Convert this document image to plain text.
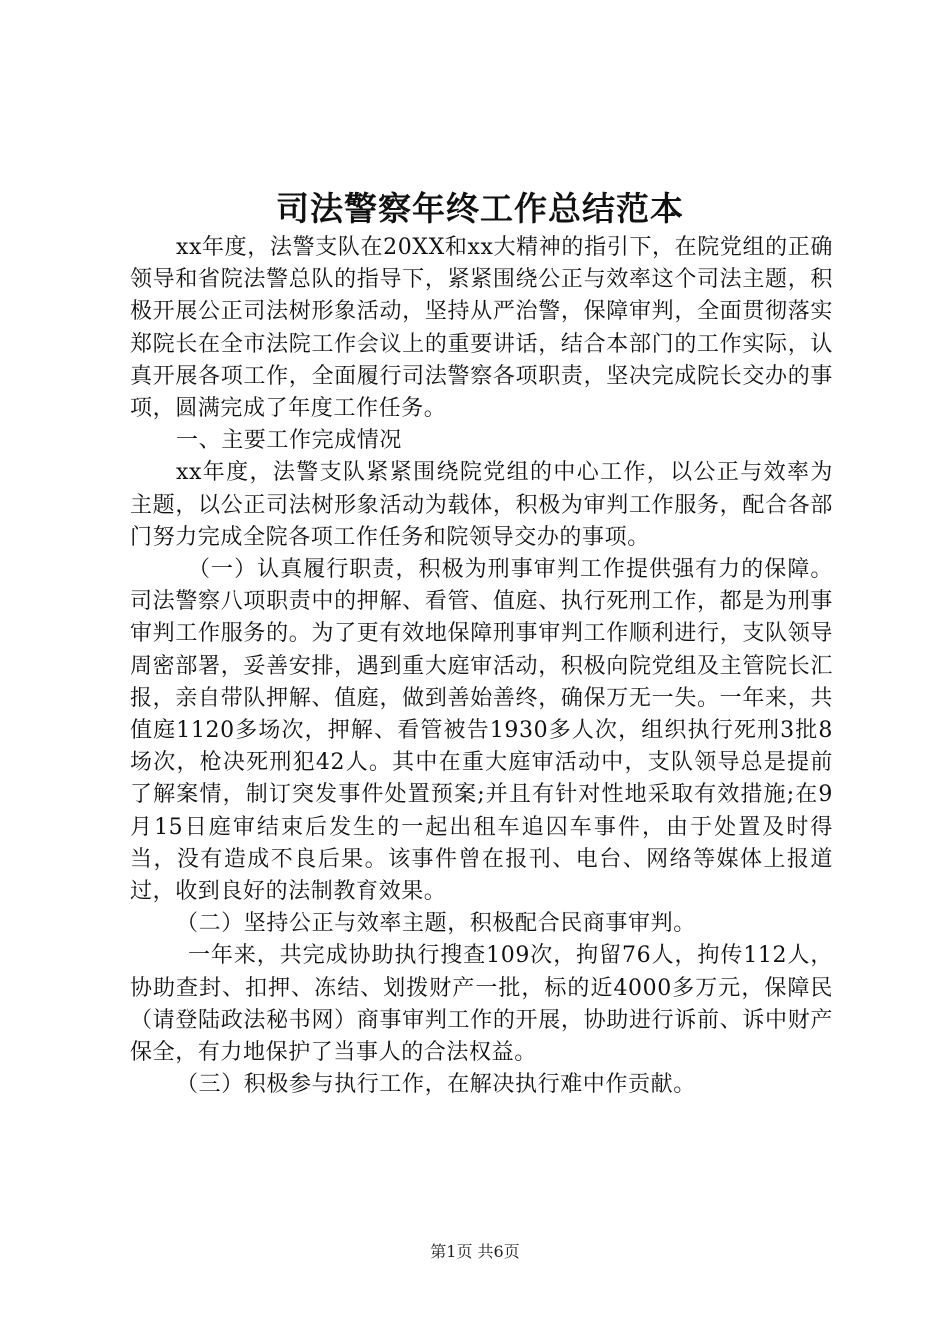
司法警察年终工作总结范本

xx年度，法警支队在20XX和xx大精神的指引下，在院党组的正确领导和省院法警总队的指导下，紧紧围绕公正与效率这个司法主题，积极开展公正司法树形象活动，坚持从严治警，保障审判，全面贯彻落实郑院长在全市法院工作会议上的重要讲话，结合本部门的工作实际，认真开展各项工作，全面履行司法警察各项职责，坚决完成院长交办的事项，圆满完成了年度工作任务。

一、主要工作完成情况

xx年度，法警支队紧紧围绕院党组的中心工作，以公正与效率为主题，以公正司法树形象活动为载体，积极为审判工作服务，配合各部门努力完成全院各项工作任务和院领导交办的事项。

（一）认真履行职责，积极为刑事审判工作提供强有力的保障。司法警察八项职责中的押解、看管、值庭、执行死刑工作，都是为刑事审判工作服务的。为了更有效地保障刑事审判工作顺利进行，支队领导周密部署，妥善安排，遇到重大庭审活动，积极向院党组及主管院长汇报，亲自带队押解、值庭，做到善始善终，确保万无一失。一年来，共值庭1120多场次，押解、看管被告1930多人次，组织执行死刑3批8场次，枪决死刑犯42人。其中在重大庭审活动中，支队领导总是提前了解案情，制订突发事件处置预案;并且有针对性地采取有效措施;在9月15日庭审结束后发生的一起出租车追囚车事件，由于处置及时得当，没有造成不良后果。该事件曾在报刊、电台、网络等媒体上报道过，收到良好的法制教育效果。

（二）坚持公正与效率主题，积极配合民商事审判。

一年来，共完成协助执行搜查109次，拘留76人，拘传112人，协助查封、扣押、冻结、划拨财产一批，标的近4000多万元，保障民（请登陆政法秘书网）商事审判工作的开展，协助进行诉前、诉中财产保全，有力地保护了当事人的合法权益。

（三）积极参与执行工作，在解决执行难中作贡献。

第1页 共6页
